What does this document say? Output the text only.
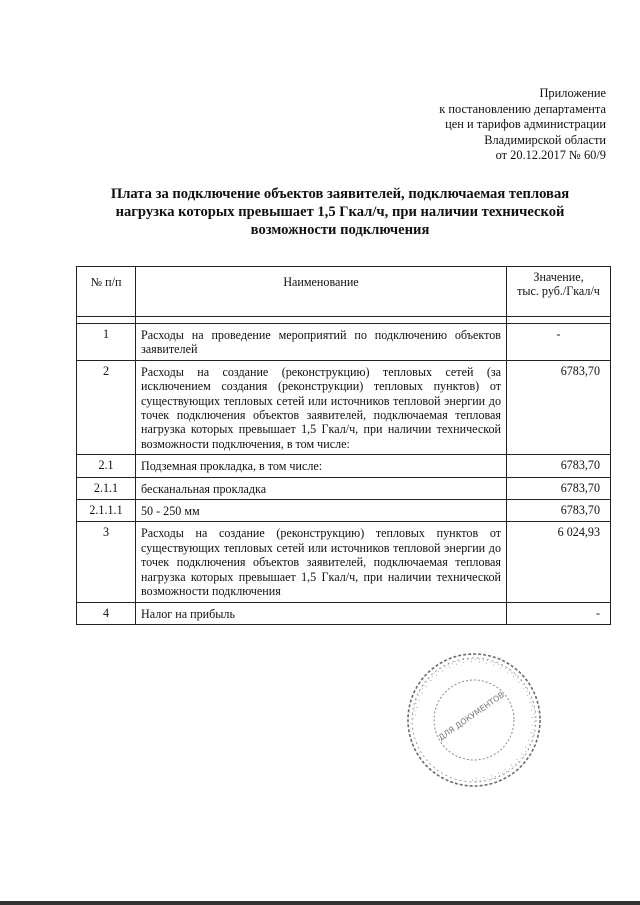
Приложение
к постановлению департамента
цен и тарифов администрации
Владимирской области
от 20.12.2017 № 60/9
Плата за подключение объектов заявителей, подключаемая тепловая
нагрузка которых превышает 1,5 Гкал/ч, при наличии технической
возможности подключения
№ п/п	Наименование	Значение,
тыс. руб./Гкал/ч

1	Расходы на проведение мероприятий по подключению объектов заявителей	-
2	Расходы на создание (реконструкцию) тепловых сетей (за исключением создания (реконструкции) тепловых пунктов) от существующих тепловых сетей или источников тепловой энергии до точек подключения объектов заявителей, подключаемая тепловая нагрузка которых превышает 1,5 Гкал/ч, при наличии технической возможности подключения, в том числе:	6783,70
2.1	Подземная прокладка, в том числе:	6783,70
2.1.1	бесканальная прокладка	6783,70
2.1.1.1	50 - 250 мм	6783,70
3	Расходы на создание (реконструкцию) тепловых пунктов от существующих тепловых сетей или источников тепловой энергии до точек подключения объектов заявителей, подключаемая тепловая нагрузка которых превышает 1,5 Гкал/ч, при наличии технической возможности подключения	6 024,93
4	Налог на прибыль	-
·:·:·:·:·:·:·:·:·:·:·:·:·:·:·:·:·:·:·:·:·:·:·:·:·:·:·:·:·:·:·:·:·:·:·:·:·
ДЛЯ ДОКУМЕНТОВ
